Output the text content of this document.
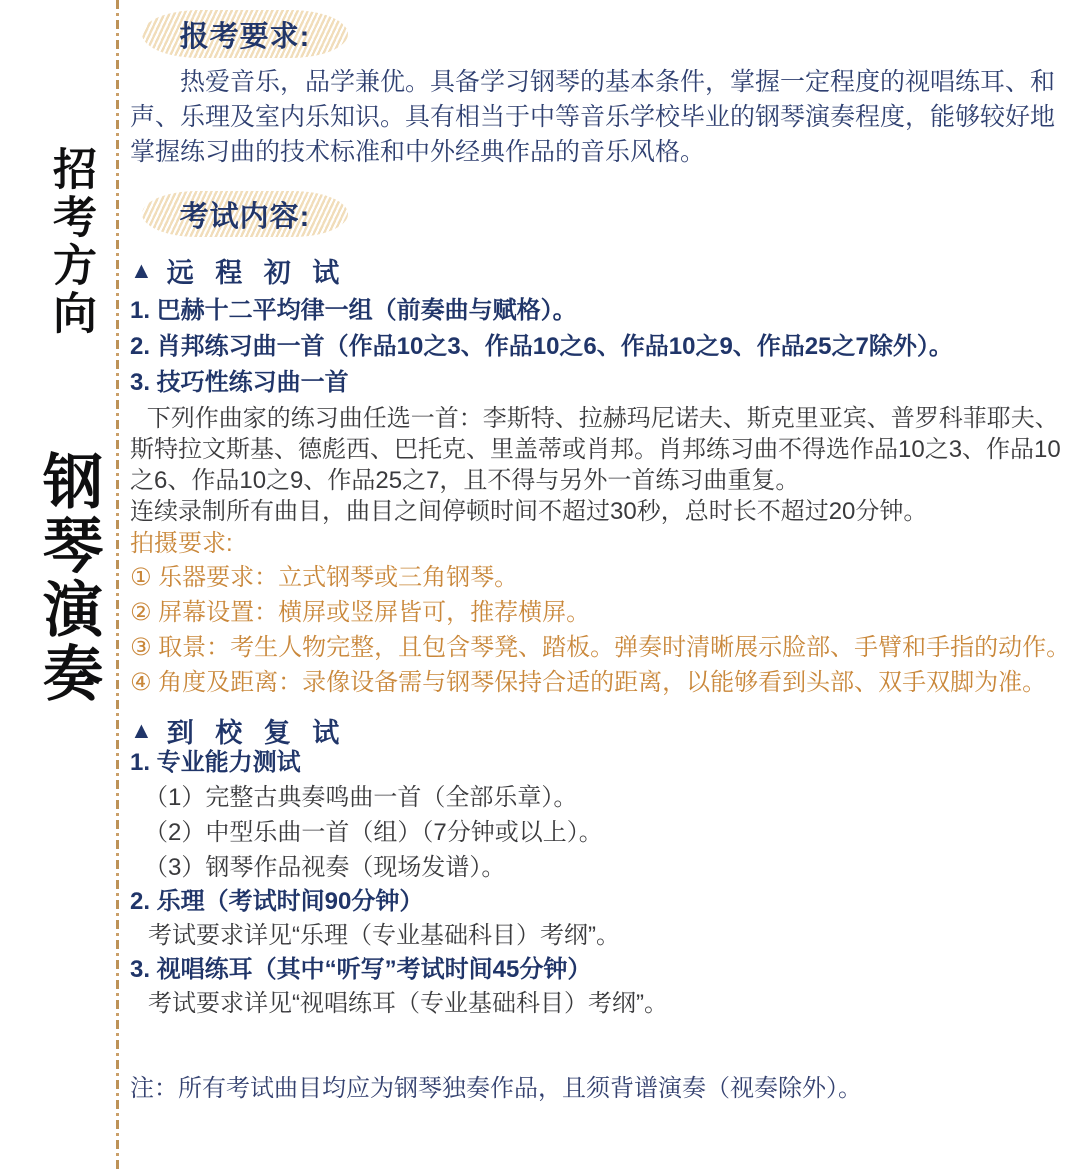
招考方向
钢琴演奏
报考要求:

热爱音乐，品学兼优。具备学习钢琴的基本条件，掌握一定程度的视唱练耳、和声、乐理及室内乐知识。具有相当于中等音乐学校毕业的钢琴演奏程度，能够较好地掌握练习曲的技术标准和中外经典作品的音乐风格。

考试内容:
▲ 远 程 初 试
1. 巴赫十二平均律一组（前奏曲与赋格）。
2. 肖邦练习曲一首（作品10之3、作品10之6、作品10之9、作品25之7除外）。
3. 技巧性练习曲一首

下列作曲家的练习曲任选一首：李斯特、拉赫玛尼诺夫、斯克里亚宾、普罗科菲耶夫、斯特拉文斯基、德彪西、巴托克、里盖蒂或肖邦。肖邦练习曲不得选作品10之3、作品10之6、作品10之9、作品25之7，且不得与另外一首练习曲重复。

连续录制所有曲目，曲目之间停顿时间不超过30秒，总时长不超过20分钟。
拍摄要求:
① 乐器要求：立式钢琴或三角钢琴。
② 屏幕设置：横屏或竖屏皆可，推荐横屏。
③ 取景：考生人物完整，且包含琴凳、踏板。弹奏时清晰展示脸部、手臂和手指的动作。
④ 角度及距离：录像设备需与钢琴保持合适的距离，以能够看到头部、双手双脚为准。
▲ 到 校 复 试
1. 专业能力测试
（1）完整古典奏鸣曲一首（全部乐章）。
（2）中型乐曲一首（组）（7分钟或以上）。
（3）钢琴作品视奏（现场发谱）。
2. 乐理（考试时间90分钟）
考试要求详见“乐理（专业基础科目）考纲”。
3. 视唱练耳（其中“听写”考试时间45分钟）
考试要求详见“视唱练耳（专业基础科目）考纲”。
注：所有考试曲目均应为钢琴独奏作品，且须背谱演奏（视奏除外）。
